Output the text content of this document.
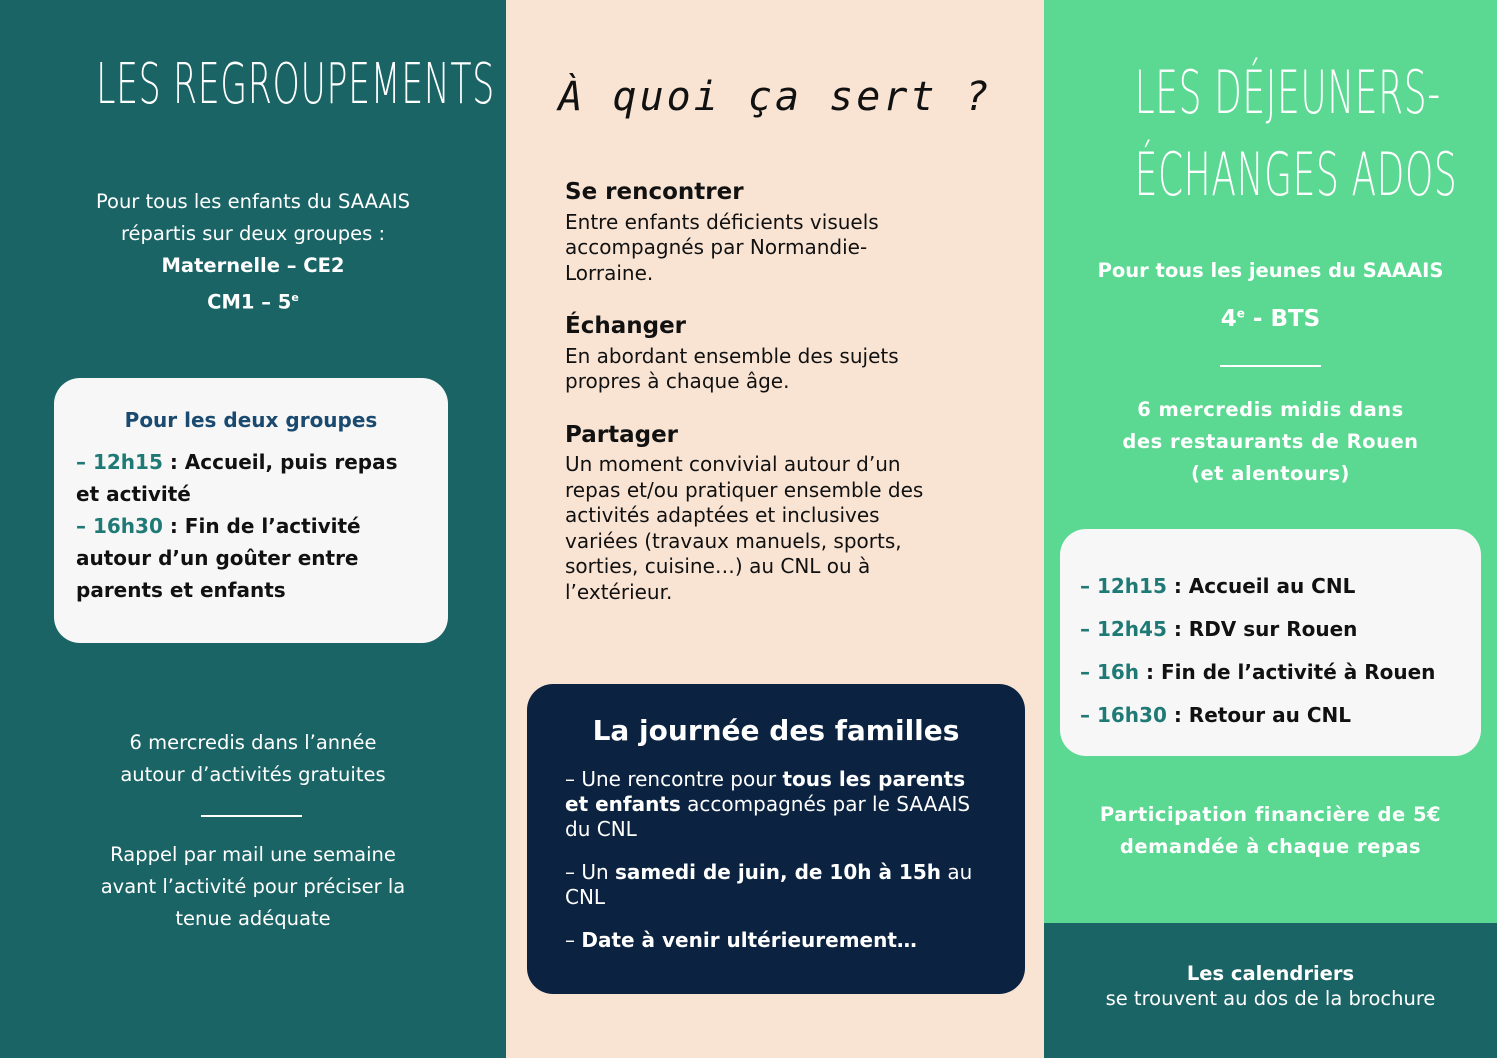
LES REGROUPEMENTS

Pour tous les enfants du SAAAIS

répartis sur deux groupes :

Maternelle – CE2

CM1 – 5e

Pour les deux groupes

– 12h15 : Accueil, puis repas et activité

– 16h30 : Fin de l’activité autour d’un goûter entre parents et enfants

6 mercredis dans l’année

autour d’activités gratuites

Rappel par mail une semaine

avant l’activité pour préciser la

tenue adéquate

À quoi ça sert ?

Se rencontrer

Entre enfants déficients visuels accompagnés par Normandie-Lorraine.

Échanger

En abordant ensemble des sujets propres à chaque âge.

Partager

Un moment convivial autour d’un repas et/ou pratiquer ensemble des activités adaptées et inclusives variées (travaux manuels, sports, sorties, cuisine…) au CNL ou à l’extérieur.

La journée des familles

– Une rencontre pour tous les parents et enfants accompagnés par le SAAAIS du CNL

– Un samedi de juin, de 10h à 15h au CNL

– Date à venir ultérieurement…

LES DÉJEUNERS-

ÉCHANGES ADOS

Pour tous les jeunes du SAAAIS
4e - BTS

6 mercredis midis dans

des restaurants de Rouen

(et alentours)

– 12h15 : Accueil au CNL

– 12h45 : RDV sur Rouen

– 16h : Fin de l’activité à Rouen

– 16h30 : Retour au CNL

Participation financière de 5€

demandée à chaque repas

Les calendriers

se trouvent au dos de la brochure
